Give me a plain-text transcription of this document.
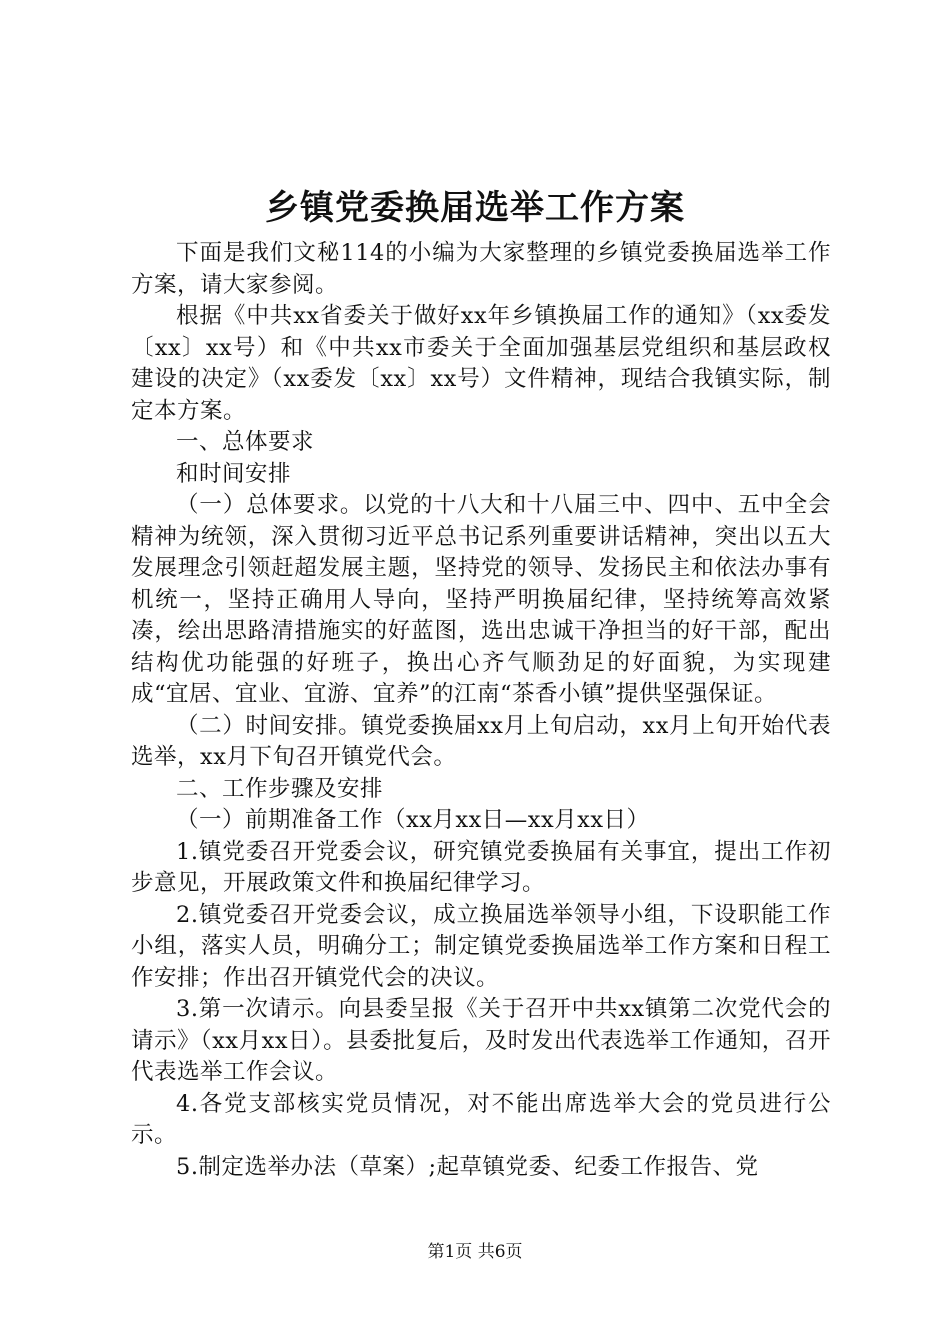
乡镇党委换届选举工作方案

下面是我们文秘114的小编为大家整理的乡镇党委换届选举工作方案，请大家参阅。

根据《中共xx省委关于做好xx年乡镇换届工作的通知》（xx委发〔xx〕xx号）和《中共xx市委关于全面加强基层党组织和基层政权建设的决定》（xx委发〔xx〕xx号）文件精神，现结合我镇实际，制定本方案。

一、总体要求

和时间安排

（一）总体要求。以党的十八大和十八届三中、四中、五中全会精神为统领，深入贯彻习近平总书记系列重要讲话精神，突出以五大发展理念引领赶超发展主题，坚持党的领导、发扬民主和依法办事有机统一，坚持正确用人导向，坚持严明换届纪律，坚持统筹高效紧凑，绘出思路清措施实的好蓝图，选出忠诚干净担当的好干部，配出结构优功能强的好班子，换出心齐气顺劲足的好面貌，为实现建成“宜居、宜业、宜游、宜养”的江南“茶香小镇”提供坚强保证。

（二）时间安排。镇党委换届xx月上旬启动，xx月上旬开始代表选举，xx月下旬召开镇党代会。

二、工作步骤及安排

（一）前期准备工作（xx月xx日—xx月xx日）

1.镇党委召开党委会议，研究镇党委换届有关事宜，提出工作初步意见，开展政策文件和换届纪律学习。

2.镇党委召开党委会议，成立换届选举领导小组，下设职能工作小组，落实人员，明确分工；制定镇党委换届选举工作方案和日程工作安排；作出召开镇党代会的决议。

3.第一次请示。向县委呈报《关于召开中共xx镇第二次党代会的请示》（xx月xx日）。县委批复后，及时发出代表选举工作通知，召开代表选举工作会议。

4.各党支部核实党员情况，对不能出席选举大会的党员进行公示。

5.制定选举办法（草案）;起草镇党委、纪委工作报告、党

第1页 共6页
